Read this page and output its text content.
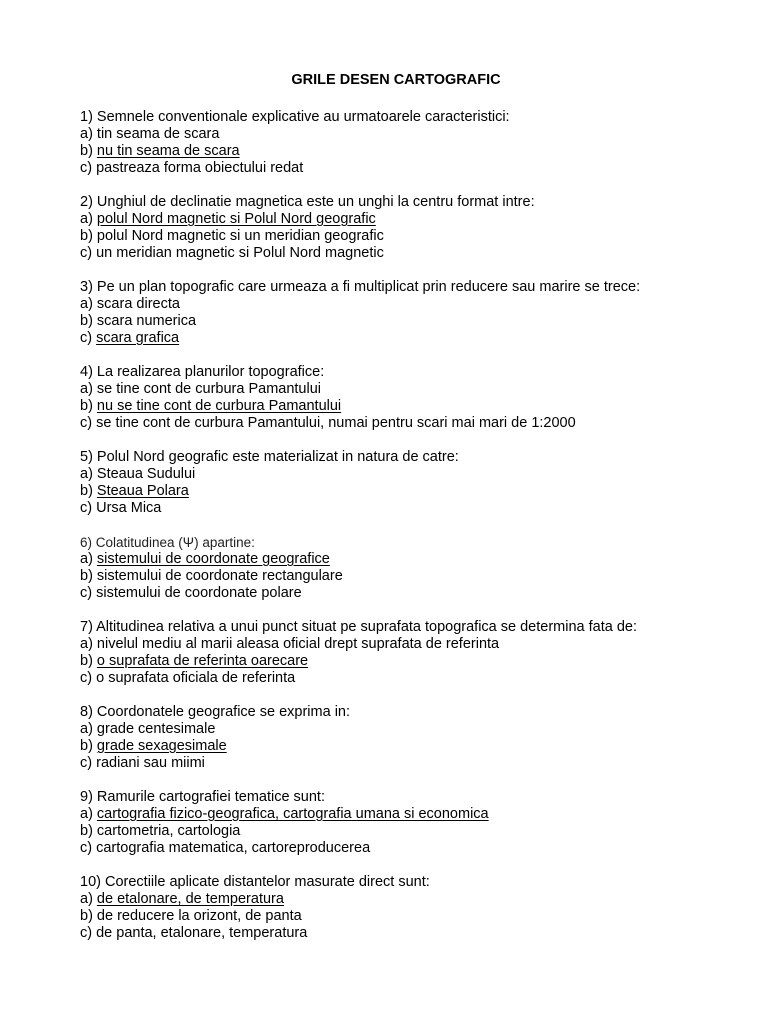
GRILE DESEN CARTOGRAFIC
1) Semnele conventionale explicative au urmatoarele caracteristici:
a) tin seama de scara
b) nu tin seama de scara
c) pastreaza forma obiectului redat
2) Unghiul de declinatie magnetica este un unghi la centru format intre:
a) polul Nord magnetic si Polul Nord geografic
b) polul Nord magnetic si un meridian geografic
c) un meridian magnetic si Polul Nord magnetic
3) Pe un plan topografic care urmeaza a fi multiplicat prin reducere sau marire se trece:
a) scara directa
b) scara numerica
c) scara grafica
4) La realizarea planurilor topografice:
a) se tine cont de curbura Pamantului
b) nu se tine cont de curbura Pamantului
c) se tine cont de curbura Pamantului, numai pentru scari mai mari de 1:2000
5) Polul Nord geografic este materializat in natura de catre:
a) Steaua Sudului
b) Steaua Polara
c) Ursa Mica
6) Colatitudinea (Ψ) apartine:
a) sistemului de coordonate geografice
b) sistemului de coordonate rectangulare
c) sistemului de coordonate polare
7) Altitudinea relativa a unui punct situat pe suprafata topografica se determina fata de:
a) nivelul mediu al marii aleasa oficial drept suprafata de referinta
b) o suprafata de referinta oarecare
c) o suprafata oficiala de referinta
8) Coordonatele geografice se exprima in:
a) grade centesimale
b) grade sexagesimale
c) radiani sau miimi
9) Ramurile cartografiei tematice sunt:
a) cartografia fizico-geografica, cartografia umana si economica
b) cartometria, cartologia
c) cartografia matematica, cartoreproducerea
10) Corectiile aplicate distantelor masurate direct sunt:
a) de etalonare, de temperatura
b) de reducere la orizont, de panta
c) de panta, etalonare, temperatura
